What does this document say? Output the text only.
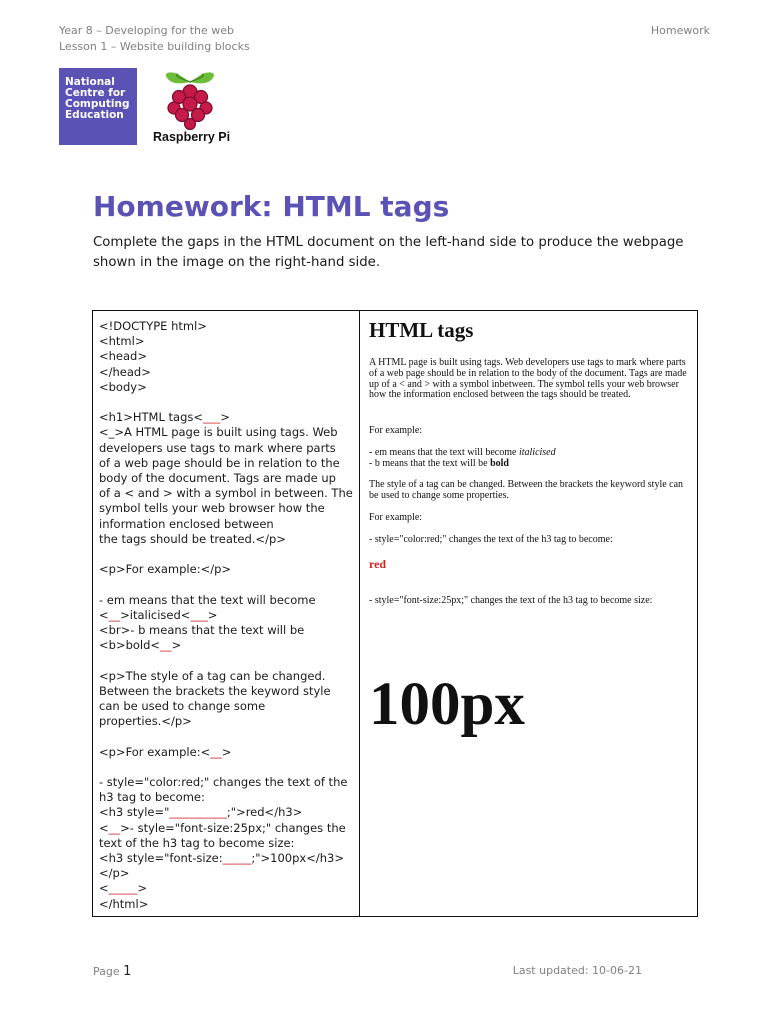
Year 8 – Developing for the web
Lesson 1 – Website building blocks
Homework
National
Centre for
Computing
Education
Raspberry Pi
Homework: HTML tags

Complete the gaps in the HTML document on the left-hand side to produce the webpage shown in the image on the right-hand side.

<!DOCTYPE html>
<html>
<head>
</head>
<body>
<h1>HTML tags<___>
<_>A HTML page is built using tags. Web
developers use tags to mark where parts
of a web page should be in relation to the
body of the document. Tags are made up
of a < and > with a symbol in between. The
symbol tells your web browser how the
information enclosed between
the tags should be treated.</p>
<p>For example:</p>
- em means that the text will become
<__>italicised<___>
<br>- b means that the text will be
<b>bold<__>
<p>The style of a tag can be changed.
Between the brackets the keyword style
can be used to change some
properties.</p>
<p>For example:<__>
- style="color:red;" changes the text of the
h3 tag to become:
<h3 style="__________;">red</h3>
<__>- style="font-size:25px;" changes the
text of the h3 tag to become size:
<h3 style="font-size:_____;">100px</h3>
</p>
<_____>
</html>
HTML tags

A HTML page is built using tags. Web developers use tags to mark where parts of a web page should be in relation to the body of the document. Tags are made up of a < and > with a symbol inbetween. The symbol tells your web browser how the information enclosed between the tags should be treated.

For example:

- em means that the text will become italicised

- b means that the text will be bold

The style of a tag can be changed. Between the brackets the keyword style can be used to change some properties.

For example:

- style="color:red;" changes the text of the h3 tag to become:

red

- style="font-size:25px;" changes the text of the h3 tag to become size:

100px
Page 1	Last updated: 10-06-21
